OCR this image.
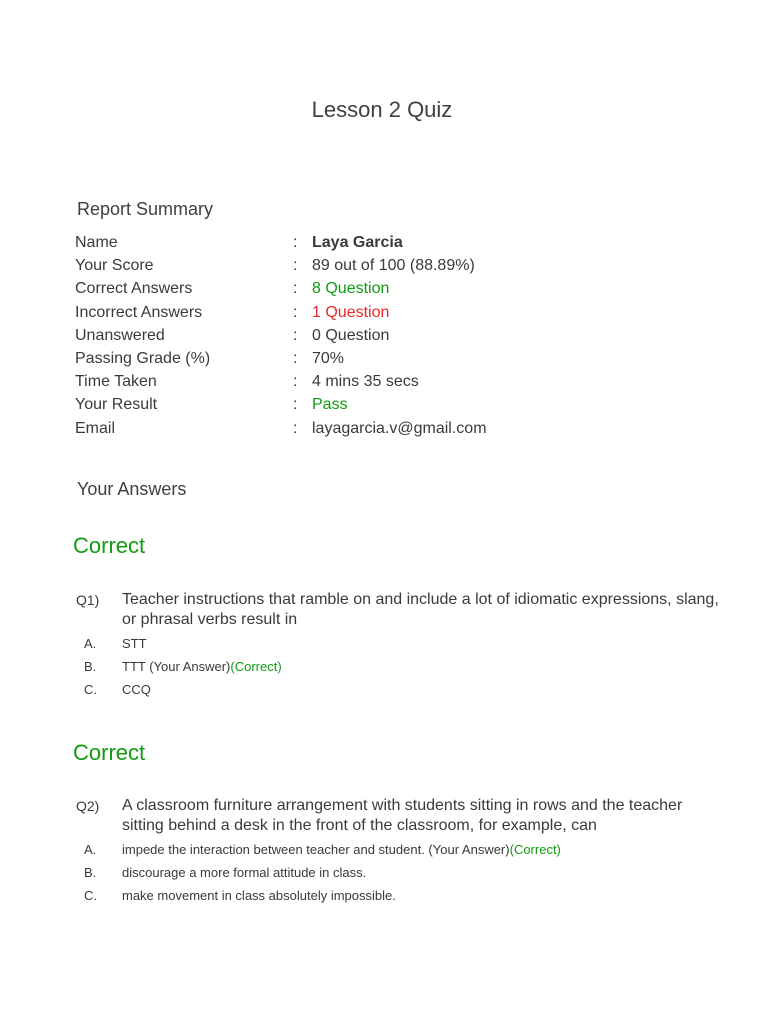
Lesson 2 Quiz
Report Summary
Name	: Laya Garcia
Your Score	: 89 out of 100 (88.89%)
Correct Answers	: 8 Question
Incorrect Answers	: 1 Question
Unanswered	: 0 Question
Passing Grade (%)	: 70%
Time Taken	: 4 mins 35 secs
Your Result	: Pass
Email	: layagarcia.v@gmail.com
Your Answers
Correct
Q1)	Teacher instructions that ramble on and include a lot of idiomatic expressions, slang, or phrasal verbs result in
A.	STT
B.	TTT (Your Answer) (Correct)
C.	CCQ
Correct
Q2)	A classroom furniture arrangement with students sitting in rows and the teacher sitting behind a desk in the front of the classroom, for example, can
A.	impede the interaction between teacher and student. (Your Answer) (Correct)
B.	discourage a more formal attitude in class.
C.	make movement in class absolutely impossible.
